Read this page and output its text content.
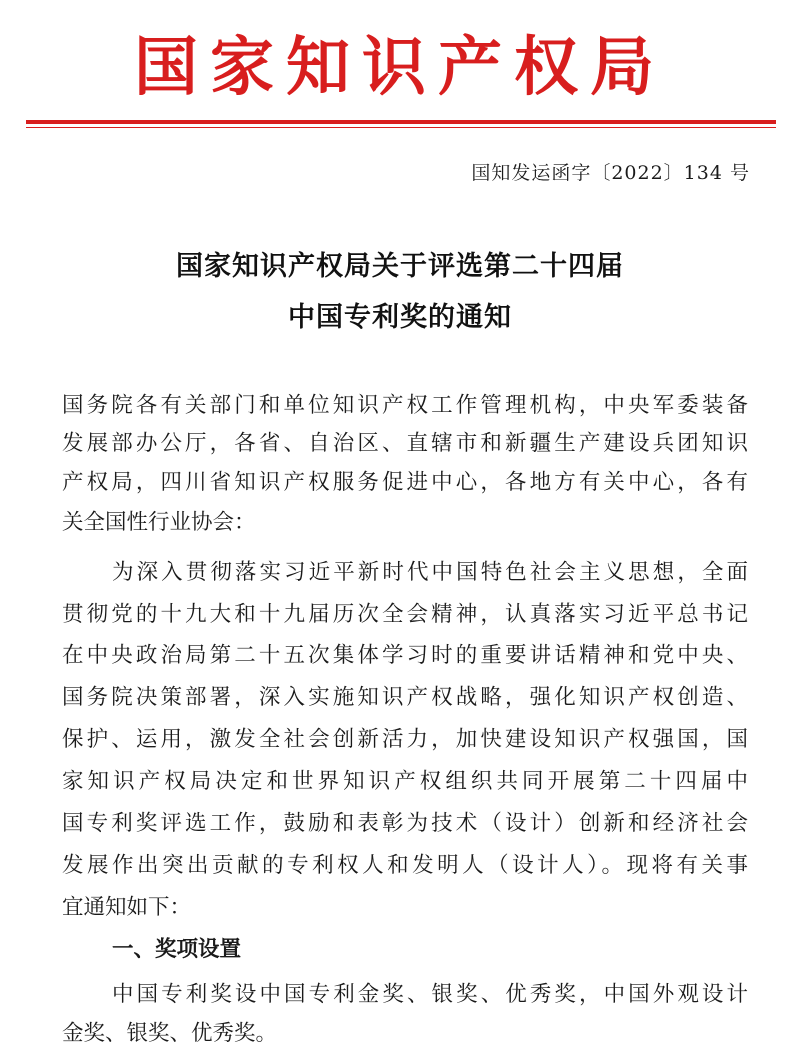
国家知识产权局
国知发运函字〔2022〕134 号
国家知识产权局关于评选第二十四届
中国专利奖的通知
国务院各有关部门和单位知识产权工作管理机构，中央军委装备
发展部办公厅，各省、自治区、直辖市和新疆生产建设兵团知识
产权局，四川省知识产权服务促进中心，各地方有关中心，各有
关全国性行业协会：
为深入贯彻落实习近平新时代中国特色社会主义思想，全面
贯彻党的十九大和十九届历次全会精神，认真落实习近平总书记
在中央政治局第二十五次集体学习时的重要讲话精神和党中央、
国务院决策部署，深入实施知识产权战略，强化知识产权创造、
保护、运用，激发全社会创新活力，加快建设知识产权强国，国
家知识产权局决定和世界知识产权组织共同开展第二十四届中
国专利奖评选工作，鼓励和表彰为技术（设计）创新和经济社会
发展作出突出贡献的专利权人和发明人（设计人）。现将有关事
宜通知如下：
一、奖项设置
中国专利奖设中国专利金奖、银奖、优秀奖，中国外观设计
金奖、银奖、优秀奖。
